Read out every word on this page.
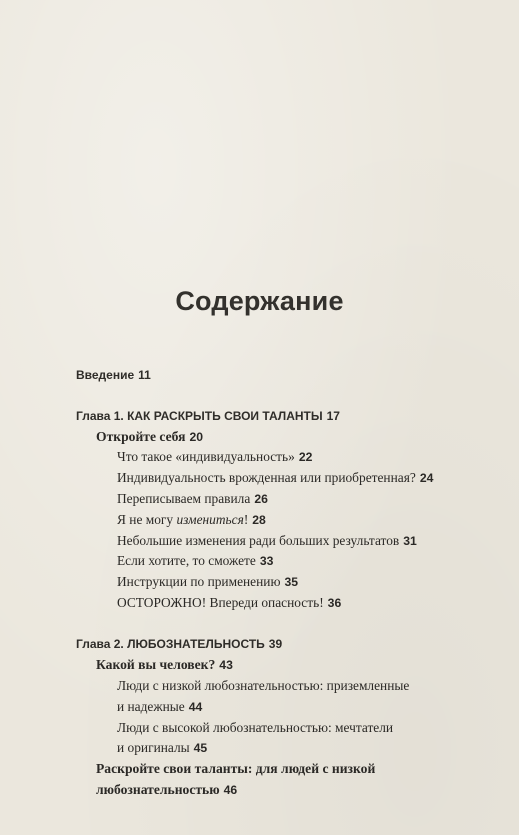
Содержание
Введение 11
Глава 1. КАК РАСКРЫТЬ СВОИ ТАЛАНТЫ 17
Откройте себя 20
Что такое «индивидуальность» 22
Индивидуальность врожденная или приобретенная? 24
Переписываем правила 26
Я не могу измениться! 28
Небольшие изменения ради больших результатов 31
Если хотите, то сможете 33
Инструкции по применению 35
ОСТОРОЖНО! Впереди опасность! 36
Глава 2. ЛЮБОЗНАТЕЛЬНОСТЬ 39
Какой вы человек? 43
Люди с низкой любознательностью: приземленные
и надежные 44
Люди с высокой любознательностью: мечтатели
и оригиналы 45
Раскройте свои таланты: для людей с низкой
любознательностью 46
